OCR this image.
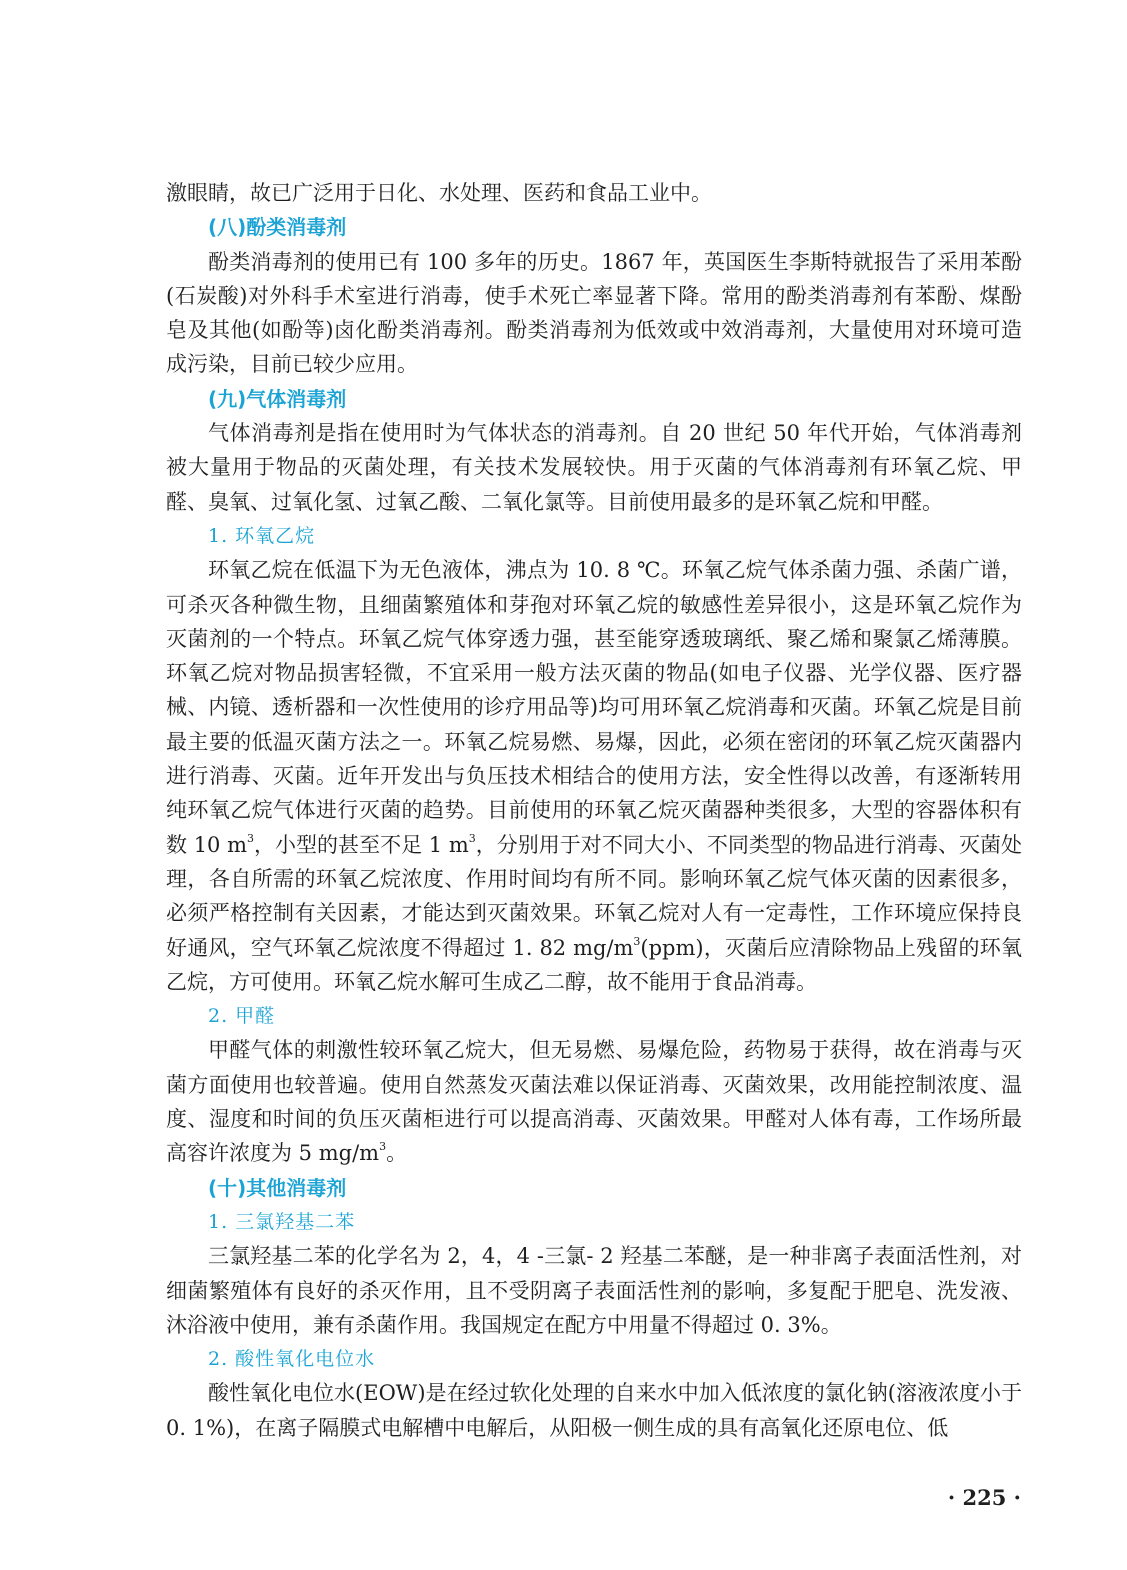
激眼睛，故已广泛用于日化、水处理、医药和食品工业中。

(八)酚类消毒剂

酚类消毒剂的使用已有 100 多年的历史。1867 年，英国医生李斯特就报告了采用苯酚(石炭酸)对外科手术室进行消毒，使手术死亡率显著下降。常用的酚类消毒剂有苯酚、煤酚皂及其他(如酚等)卤化酚类消毒剂。酚类消毒剂为低效或中效消毒剂，大量使用对环境可造成污染，目前已较少应用。

(九)气体消毒剂

气体消毒剂是指在使用时为气体状态的消毒剂。自 20 世纪 50 年代开始，气体消毒剂被大量用于物品的灭菌处理，有关技术发展较快。用于灭菌的气体消毒剂有环氧乙烷、甲醛、臭氧、过氧化氢、过氧乙酸、二氧化氯等。目前使用最多的是环氧乙烷和甲醛。

1. 环氧乙烷

环氧乙烷在低温下为无色液体，沸点为 10. 8 ℃。环氧乙烷气体杀菌力强、杀菌广谱，可杀灭各种微生物，且细菌繁殖体和芽孢对环氧乙烷的敏感性差异很小，这是环氧乙烷作为灭菌剂的一个特点。环氧乙烷气体穿透力强，甚至能穿透玻璃纸、聚乙烯和聚氯乙烯薄膜。环氧乙烷对物品损害轻微，不宜采用一般方法灭菌的物品(如电子仪器、光学仪器、医疗器械、内镜、透析器和一次性使用的诊疗用品等)均可用环氧乙烷消毒和灭菌。环氧乙烷是目前最主要的低温灭菌方法之一。环氧乙烷易燃、易爆，因此，必须在密闭的环氧乙烷灭菌器内进行消毒、灭菌。近年开发出与负压技术相结合的使用方法，安全性得以改善，有逐渐转用纯环氧乙烷气体进行灭菌的趋势。目前使用的环氧乙烷灭菌器种类很多，大型的容器体积有数 10 $m^3$，小型的甚至不足 1 $m^3$，分别用于对不同大小、不同类型的物品进行消毒、灭菌处理，各自所需的环氧乙烷浓度、作用时间均有所不同。影响环氧乙烷气体灭菌的因素很多，必须严格控制有关因素，才能达到灭菌效果。环氧乙烷对人有一定毒性，工作环境应保持良好通风，空气环氧乙烷浓度不得超过 1. 82 $mg/m^3(ppm)$，灭菌后应清除物品上残留的环氧乙烷，方可使用。环氧乙烷水解可生成乙二醇，故不能用于食品消毒。

2. 甲醛

甲醛气体的刺激性较环氧乙烷大，但无易燃、易爆危险，药物易于获得，故在消毒与灭菌方面使用也较普遍。使用自然蒸发灭菌法难以保证消毒、灭菌效果，改用能控制浓度、温度、湿度和时间的负压灭菌柜进行可以提高消毒、灭菌效果。甲醛对人体有毒，工作场所最高容许浓度为 5 $mg/m^3$。

(十)其他消毒剂

1. 三氯羟基二苯

三氯羟基二苯的化学名为 2，4，4 -三氯- 2 羟基二苯醚，是一种非离子表面活性剂，对细菌繁殖体有良好的杀灭作用，且不受阴离子表面活性剂的影响，多复配于肥皂、洗发液、沐浴液中使用，兼有杀菌作用。我国规定在配方中用量不得超过 0. 3%。

2. 酸性氧化电位水

酸性氧化电位水(EOW)是在经过软化处理的自来水中加入低浓度的氯化钠(溶液浓度小于 0. 1%)，在离子隔膜式电解槽中电解后，从阳极一侧生成的具有高氧化还原电位、低

· 225 ·
